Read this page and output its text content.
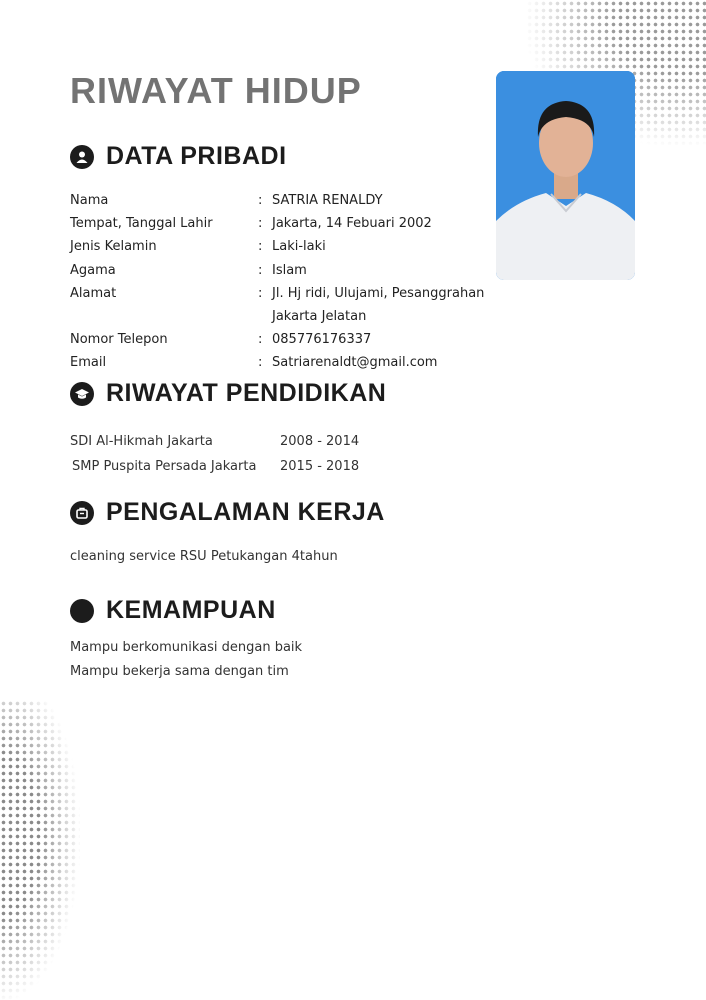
RIWAYAT HIDUP
DATA PRIBADI
Nama	: SATRIA RENALDY
Tempat, Tanggal Lahir	: Jakarta, 14 Febuari 2002
Jenis Kelamin	: Laki-laki
Agama	: Islam
Alamat	: Jl. Hj ridi, Ulujami, Pesanggrahan
Jakarta Jelatan
Nomor Telepon	: 085776176337
Email	: Satriarenaldt@gmail.com
RIWAYAT PENDIDIKAN
SDI Al-Hikmah Jakarta	2008 - 2014
SMP Puspita Persada Jakarta 2015 - 2018
PENGALAMAN KERJA
cleaning service RSU Petukangan 4tahun
KEMAMPUAN
Mampu berkomunikasi dengan baik
Mampu bekerja sama dengan tim
